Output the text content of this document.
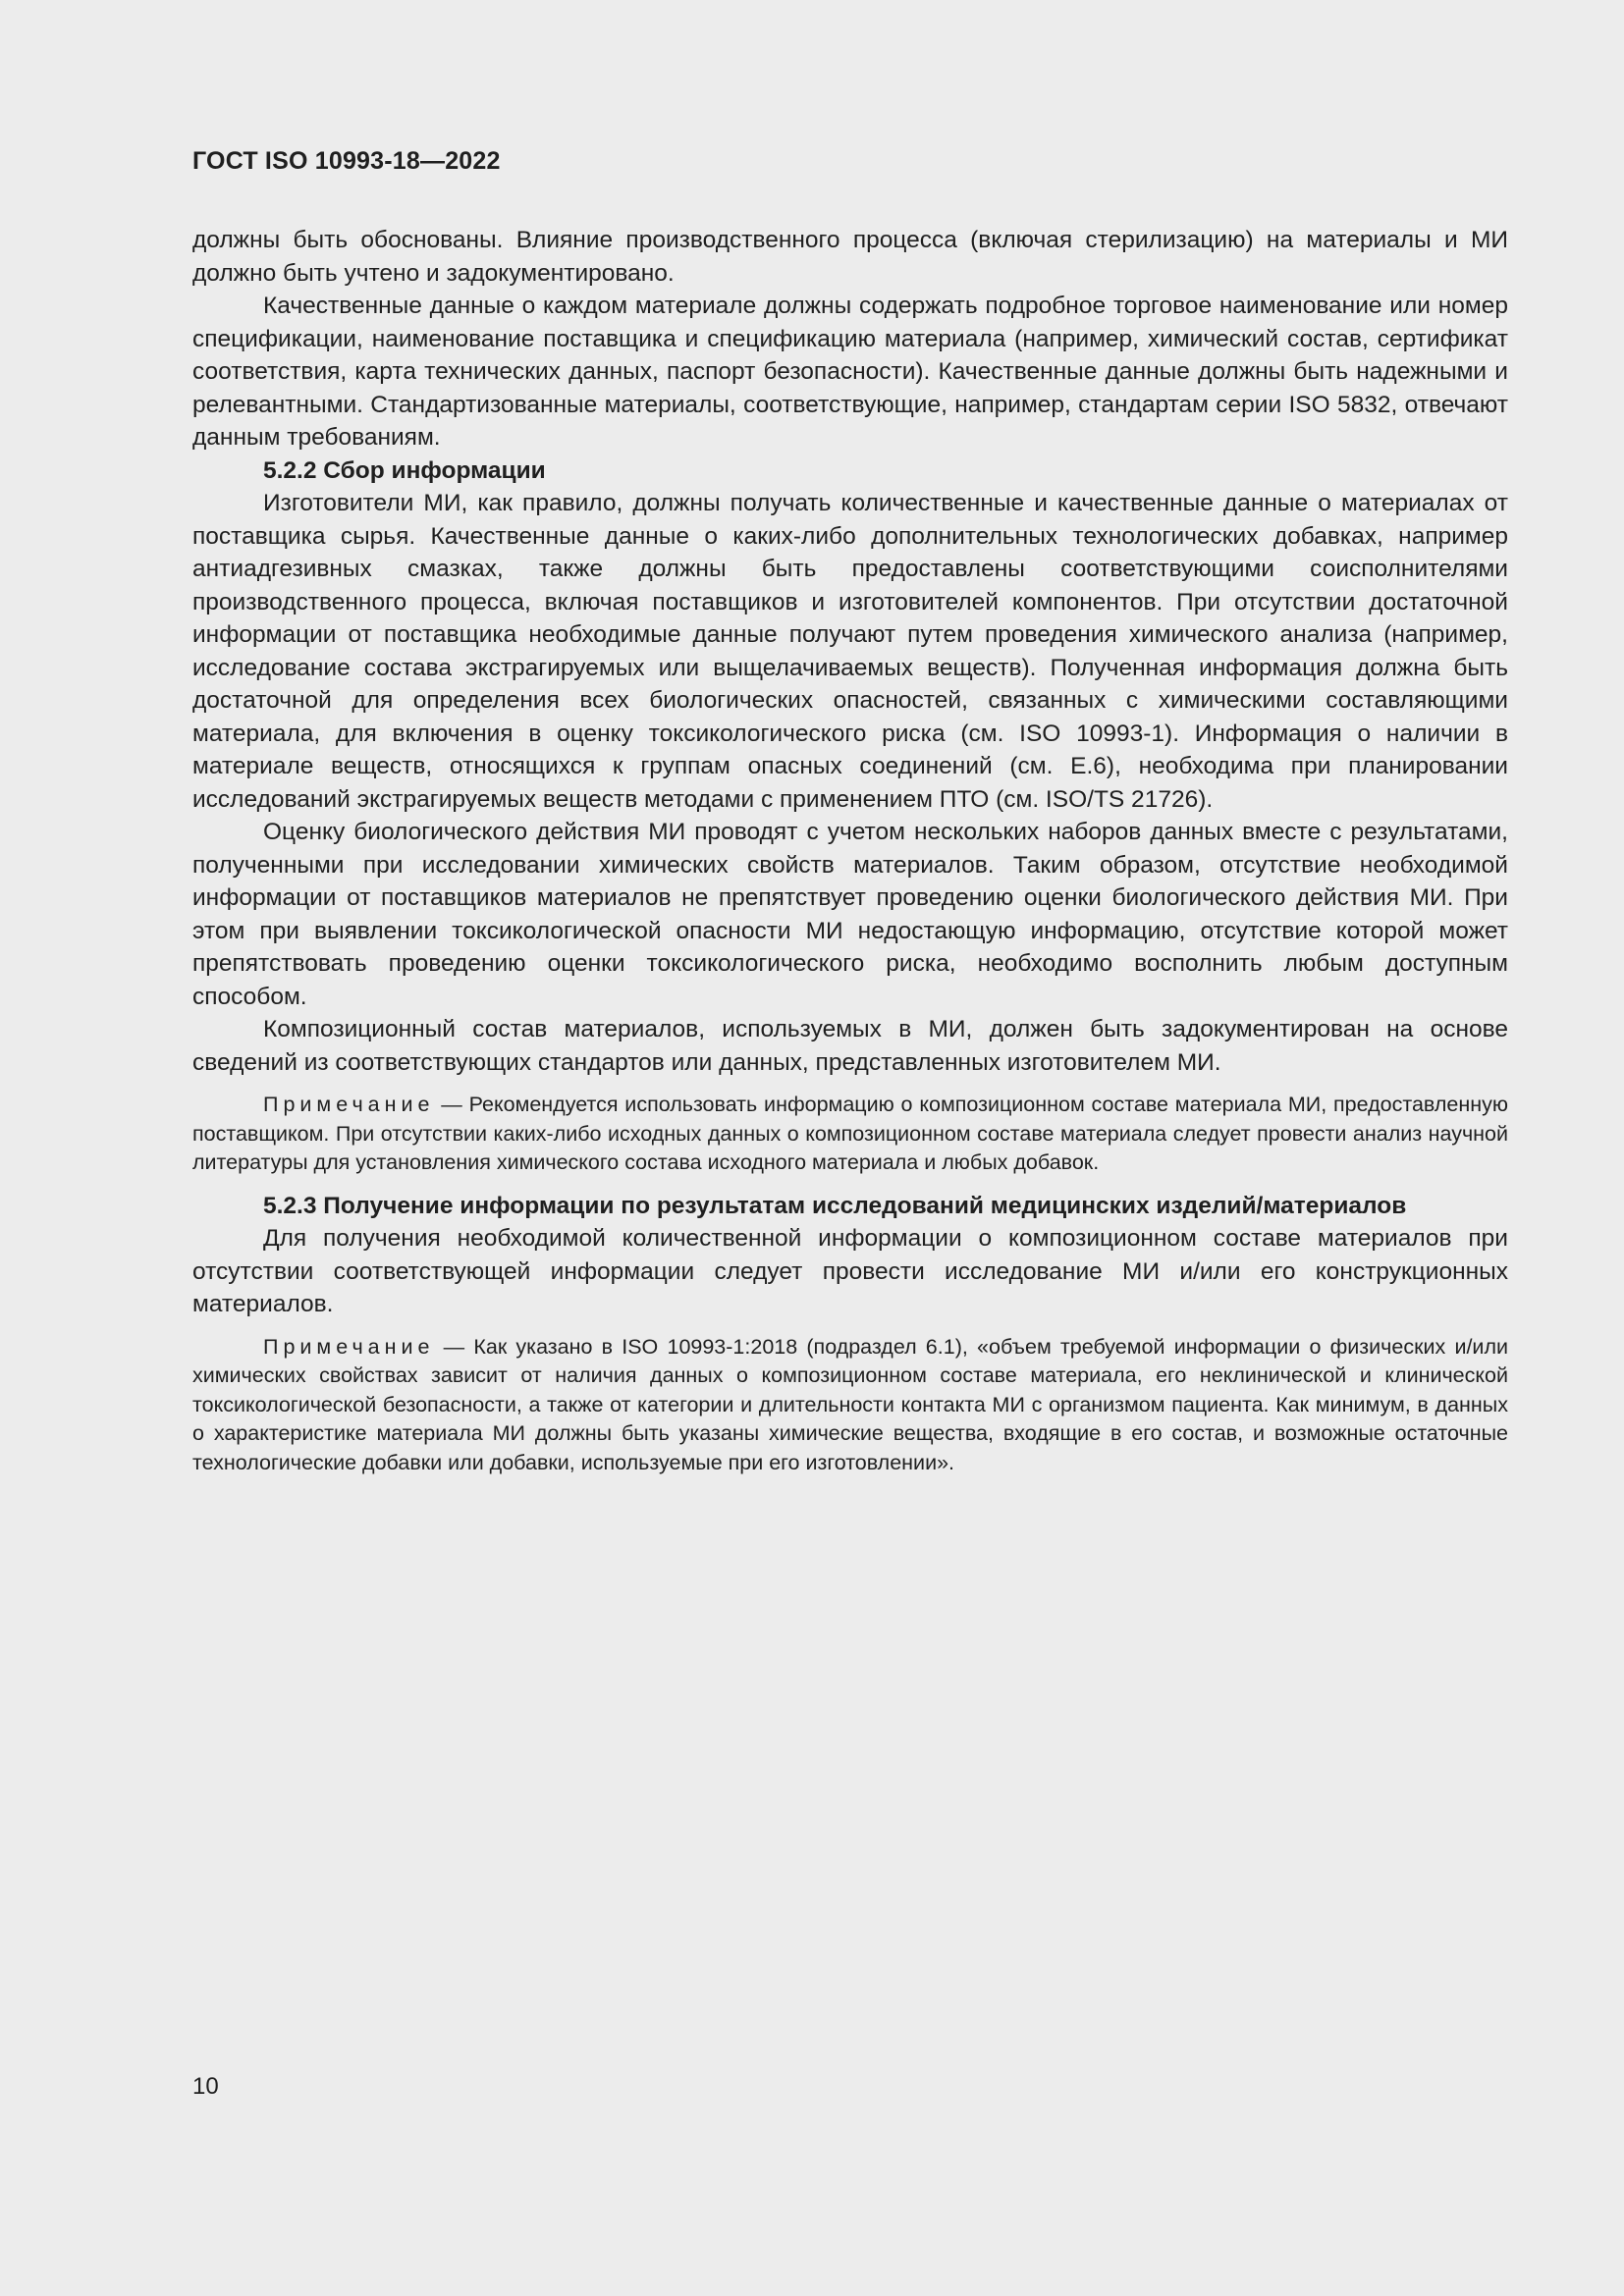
ГОСТ ISO 10993-18—2022

должны быть обоснованы. Влияние производственного процесса (включая стерилизацию) на материалы и МИ должно быть учтено и задокументировано.

Качественные данные о каждом материале должны содержать подробное торговое наименование или номер спецификации, наименование поставщика и спецификацию материала (например, химический состав, сертификат соответствия, карта технических данных, паспорт безопасности). Качественные данные должны быть надежными и релевантными. Стандартизованные материалы, соответствующие, например, стандартам серии ISO 5832, отвечают данным требованиям.

5.2.2 Сбор информации

Изготовители МИ, как правило, должны получать количественные и качественные данные о материалах от поставщика сырья. Качественные данные о каких-либо дополнительных технологических добавках, например антиадгезивных смазках, также должны быть предоставлены соответствующими соисполнителями производственного процесса, включая поставщиков и изготовителей компонентов. При отсутствии достаточной информации от поставщика необходимые данные получают путем проведения химического анализа (например, исследование состава экстрагируемых или выщелачиваемых веществ). Полученная информация должна быть достаточной для определения всех биологических опасностей, связанных с химическими составляющими материала, для включения в оценку токсикологического риска (см. ISO 10993-1). Информация о наличии в материале веществ, относящихся к группам опасных соединений (см. Е.6), необходима при планировании исследований экстрагируемых веществ методами с применением ПТО (см. ISO/TS 21726).

Оценку биологического действия МИ проводят с учетом нескольких наборов данных вместе с результатами, полученными при исследовании химических свойств материалов. Таким образом, отсутствие необходимой информации от поставщиков материалов не препятствует проведению оценки биологического действия МИ. При этом при выявлении токсикологической опасности МИ недостающую информацию, отсутствие которой может препятствовать проведению оценки токсикологического риска, необходимо восполнить любым доступным способом.

Композиционный состав материалов, используемых в МИ, должен быть задокументирован на основе сведений из соответствующих стандартов или данных, представленных изготовителем МИ.

Примечание — Рекомендуется использовать информацию о композиционном составе материала МИ, предоставленную поставщиком. При отсутствии каких-либо исходных данных о композиционном составе материала следует провести анализ научной литературы для установления химического состава исходного материала и любых добавок.

5.2.3 Получение информации по результатам исследований медицинских изделий/материалов

Для получения необходимой количественной информации о композиционном составе материалов при отсутствии соответствующей информации следует провести исследование МИ и/или его конструкционных материалов.

Примечание — Как указано в ISO 10993-1:2018 (подраздел 6.1), «объем требуемой информации о физических и/или химических свойствах зависит от наличия данных о композиционном составе материала, его неклинической и клинической токсикологической безопасности, а также от категории и длительности контакта МИ с организмом пациента. Как минимум, в данных о характеристике материала МИ должны быть указаны химические вещества, входящие в его состав, и возможные остаточные технологические добавки или добавки, используемые при его изготовлении».

10
